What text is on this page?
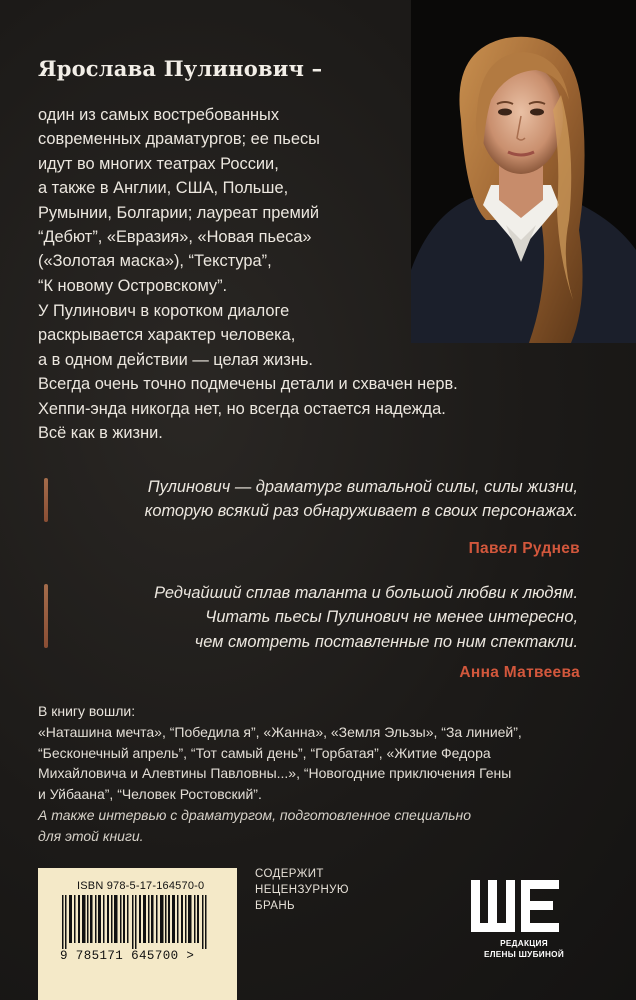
Ярослава Пулинович –

один из самых востребованных
современных драматургов; ее пьесы
идут во многих театрах России,
а также в Англии, США, Польше,
Румынии, Болгарии; лауреат премий
“Дебют”, «Евразия», «Новая пьеса»
(«Золотая маска»), “Текстура”,
“К новому Островскому”.

У Пулинович в коротком диалоге
раскрывается характер человека,
а в одном действии — целая жизнь.
Всегда очень точно подмечены детали и схвачен нерв.
Хеппи-энда никогда нет, но всегда остается надежда.
Всё как в жизни.

Пулинович — драматург витальной силы, силы жизни,
которую всякий раз обнаруживает в своих персонажах.

Павел Руднев

Редчайший сплав таланта и большой любви к людям.
Читать пьесы Пулинович не менее интересно,
чем смотреть поставленные по ним спектакли.

Анна Матвеева
В книгу вошли:

«Наташина мечта», “Победила я”, «Жанна», «Земля Эльзы», “За линией”,
“Бесконечный апрель”, “Тот самый день”, “Горбатая”, «Житие Федора
Михайловича и Алевтины Павловны...», “Новогодние приключения Гены
и Уйбаана”, “Человек Ростовский”.

А также интервью с драматургом, подготовленное специально
для этой книги.

ISBN 978-5-17-164570-0
9 785171 645700 >

СОДЕРЖИТ
НЕЦЕНЗУРНУЮ
БРАНЬ

РЕДАКЦИЯ
ЕЛЕНЫ ШУБИНОЙ
